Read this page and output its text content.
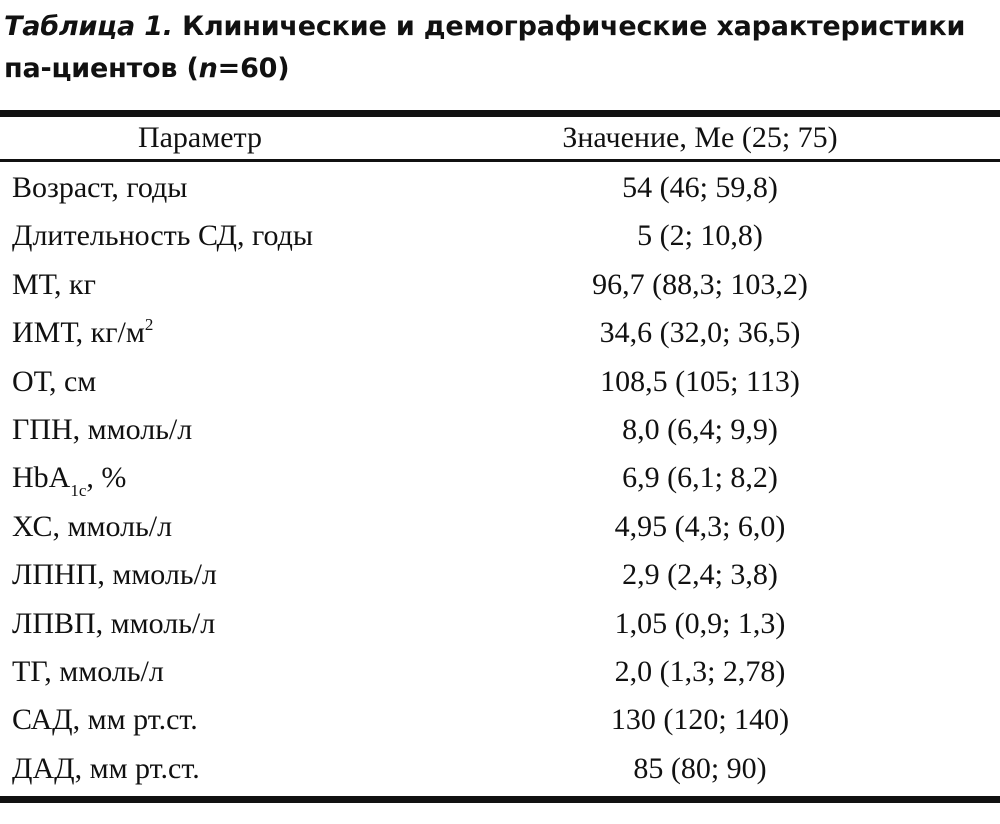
Таблица 1. Клинические и демографические характеристики па-циентов (n=60)
Параметр	Значение, Me (25; 75)
Возраст, годы	54 (46; 59,8)
Длительность СД, годы	5 (2; 10,8)
МТ, кг	96,7 (88,3; 103,2)
ИМТ, $кг/м^2$	34,6 (32,0; 36,5)
ОТ, см	108,5 (105; 113)
ГПН, ммоль/л	8,0 (6,4; 9,9)
HbA$_{1c}$, %	6,9 (6,1; 8,2)
ХС, ммоль/л	4,95 (4,3; 6,0)
ЛПНП, ммоль/л	2,9 (2,4; 3,8)
ЛПВП, ммоль/л	1,05 (0,9; 1,3)
ТГ, ммоль/л	2,0 (1,3; 2,78)
САД, мм рт.ст.	130 (120; 140)
ДАД, мм рт.ст.	85 (80; 90)
